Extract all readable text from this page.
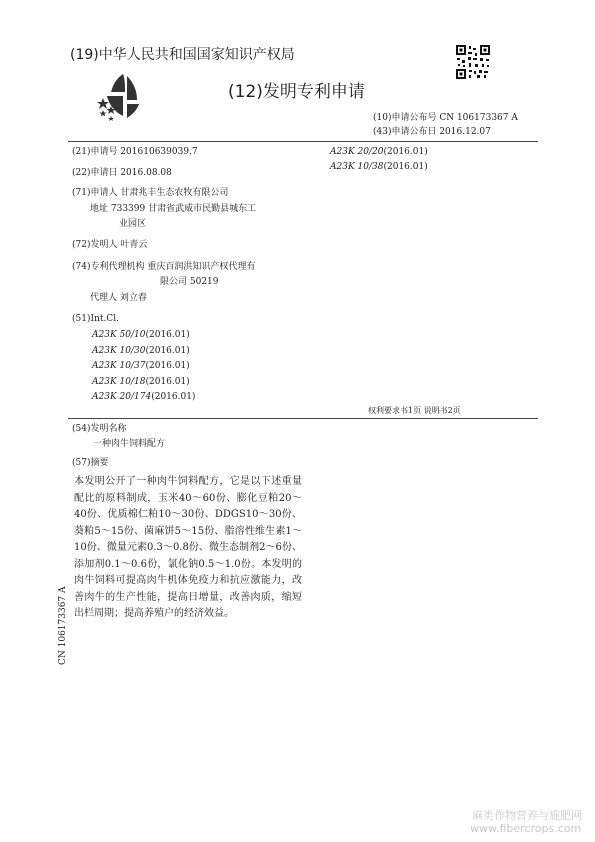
(19)中华人民共和国国家知识产权局
(12)发明专利申请
(10)申请公布号 CN 106173367 A
(43)申请公布日 2016.12.07
(21)申请号 201610639039.7
(22)申请日 2016.08.08
(71)申请人 甘肃兆丰生态农牧有限公司
地址 733399 甘肃省武威市民勤县城东工
业园区
(72)发明人 叶青云
(74)专利代理机构 重庆百润洪知识产权代理有
限公司 50219
代理人 刘立春
(51)Int.Cl.
A23K 50/10(2016.01)
A23K 10/30(2016.01)
A23K 10/37(2016.01)
A23K 10/18(2016.01)
A23K 20/174(2016.01)
A23K 20/20(2016.01)
A23K 10/38(2016.01)
权利要求书1页 说明书2页
(54)发明名称
一种肉牛饲料配方
(57)摘要
本发明公开了一种肉牛饲料配方，它是以下述重量配比的原料制成，玉米40～60份、膨化豆粕20～40份、优质棉仁粕10～30份、DDGS10～30份、葵粕5～15份、菌麻饼5～15份、脂溶性维生素1～10份、微量元素0.3～0.8份、微生态制剂2～6份、添加剂0.1～0.6份，氯化钠0.5～1.0份。本发明的肉牛饲料可提高肉牛机体免疫力和抗应激能力，改善肉牛的生产性能，提高日增量，改善肉质，缩短出栏周期；提高养殖户的经济效益。
CN 106173367 A
麻类作物营养与施肥网
www.fibercrops.com
